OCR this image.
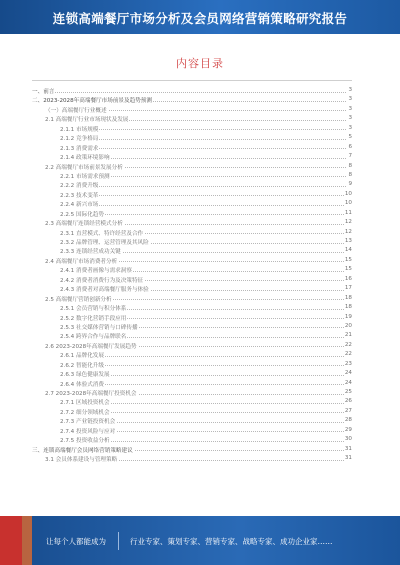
连锁高端餐厅市场分析及会员网络营销策略研究报告
内容目录
一、前言	3
二、2023-2028年高端餐厅市场前景及趋势预测	3
（一）高端餐厅行业概述	3
2.1 高端餐厅行业市场现状及发展	3
2.1.1 市场规模	3
2.1.2 竞争格局	5
2.1.3 消费需求	6
2.1.4 政策环境影响	7
2.2 高端餐厅市场前景发展分析	8
2.2.1 市场需求预测	8
2.2.2 消费升级	9
2.2.3 技术变革	10
2.2.4 新兴市场	10
2.2.5 国际化趋势	11
2.3 高端餐厅连锁经营模式分析	12
2.3.1 直营模式、特许经营及合作	12
2.3.2 品牌管理、运营管理及其风险	13
2.3.3 连锁经营成功关键	14
2.4 高端餐厅市场消费者分析	15
2.4.1 消费者画像与需求洞察	15
2.4.2 消费者消费行为及决策特征	16
2.4.3 消费者对高端餐厅服务与体验	17
2.5 高端餐厅营销创新分析	18
2.5.1 会员营销与积分体系	18
2.5.2 数字化营销手段应用	19
2.5.3 社交媒体营销与口碑传播	20
2.5.4 跨界合作与品牌联名	21
2.6 2023-2028年高端餐厅发展趋势	22
2.6.1 品牌化发展	22
2.6.2 智能化升级	23
2.6.3 绿色健康发展	24
2.6.4 体验式消费	24
2.7 2023-2028年高端餐厅投资机会	25
2.7.1 区域投资机会	26
2.7.2 细分领域机会	27
2.7.3 产业链投资机会	28
2.7.4 投资风险与应对	29
2.7.5 投资收益分析	30
三、连锁高端餐厅会员网络营销策略建议	31
3.1 会员体系建设与管理策略	31
让每个人都能成为	行业专家、策划专家、营销专家、战略专家、成功企业家……
